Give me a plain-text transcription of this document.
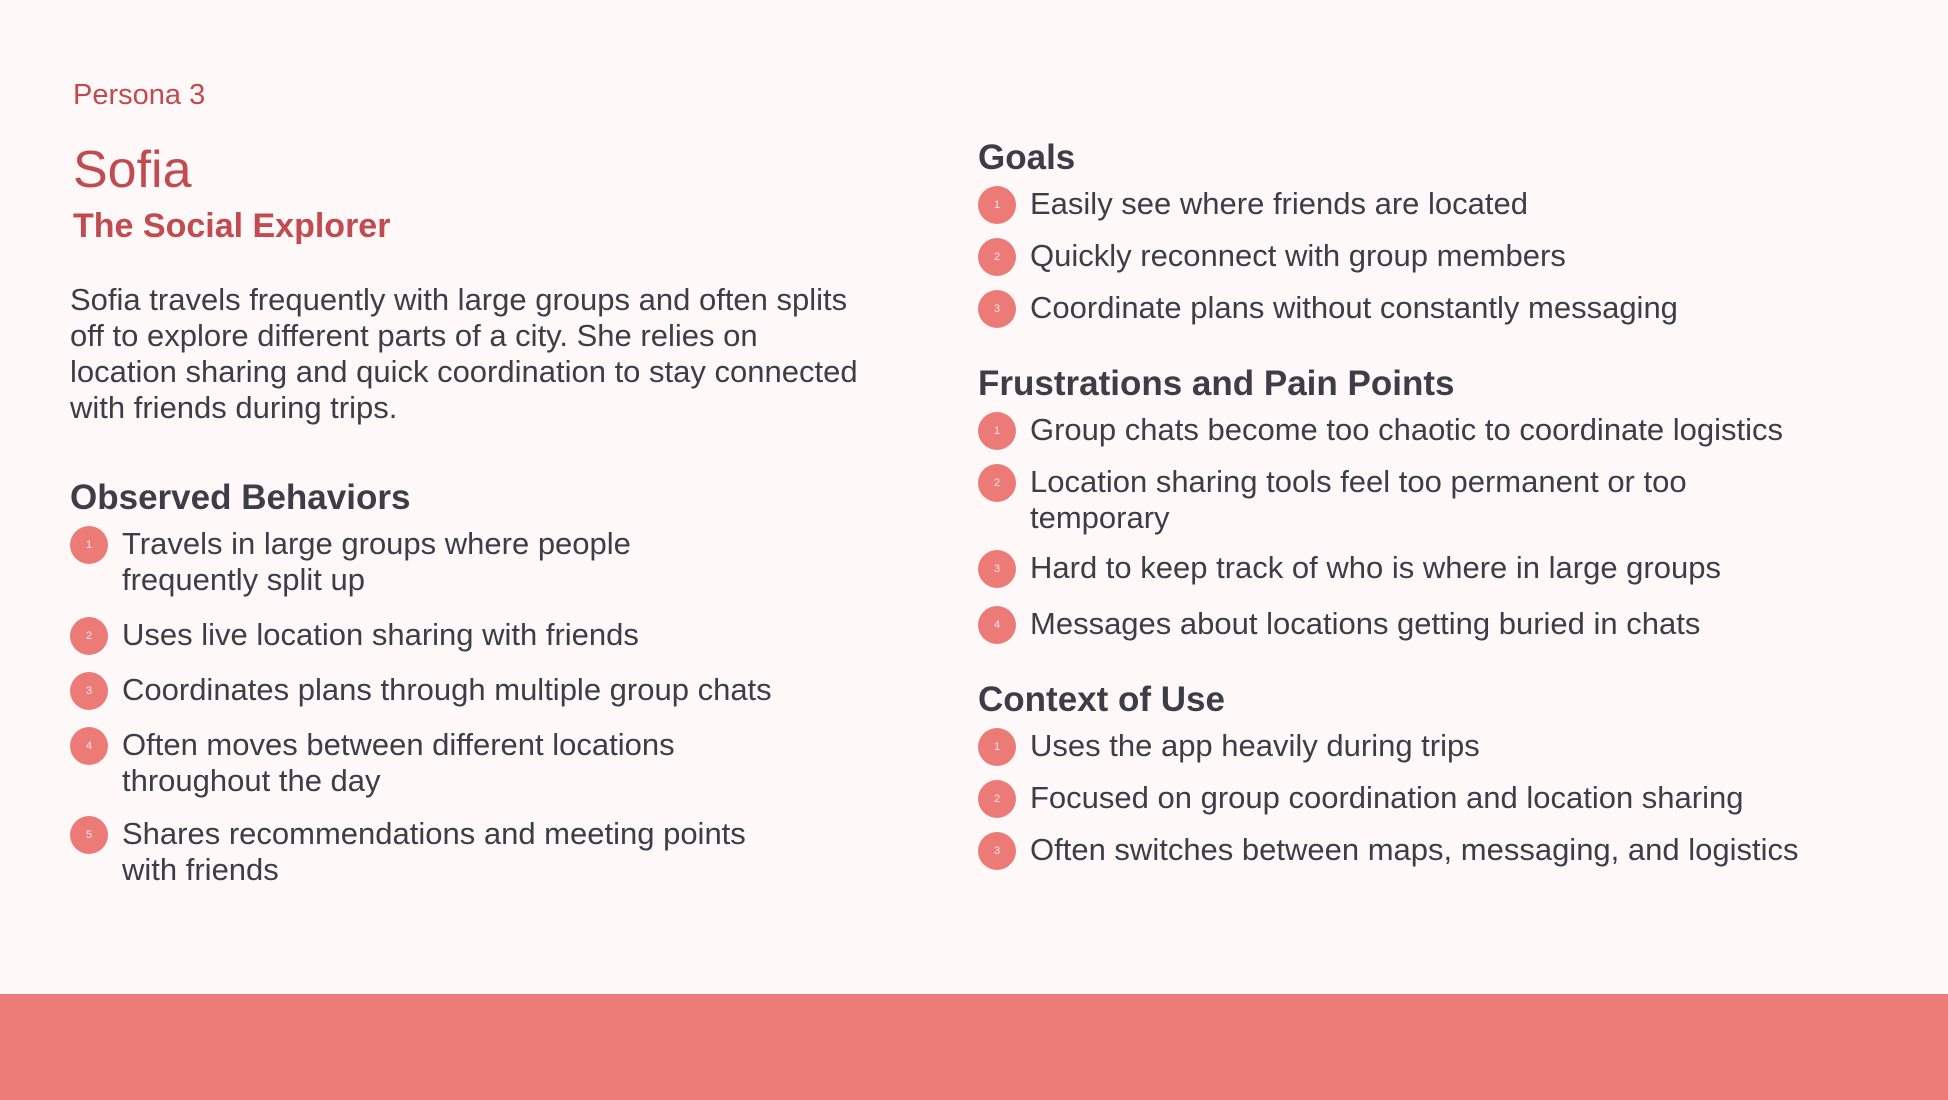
Persona 3
Sofia
The Social Explorer

Sofia travels frequently with large groups and often splits off to explore different parts of a city. She relies on location sharing and quick coordination to stay connected with friends during trips.

Observed Behaviors
1 Travels in large groups where people frequently split up
2 Uses live location sharing with friends
3 Coordinates plans through multiple group chats
4 Often moves between different locations throughout the day
5 Shares recommendations and meeting points with friends
Goals
1 Easily see where friends are located
2 Quickly reconnect with group members
3 Coordinate plans without constantly messaging
Frustrations and Pain Points
1 Group chats become too chaotic to coordinate logistics
2 Location sharing tools feel too permanent or too temporary
3 Hard to keep track of who is where in large groups
4 Messages about locations getting buried in chats
Context of Use
1 Uses the app heavily during trips
2 Focused on group coordination and location sharing
3 Often switches between maps, messaging, and logistics
